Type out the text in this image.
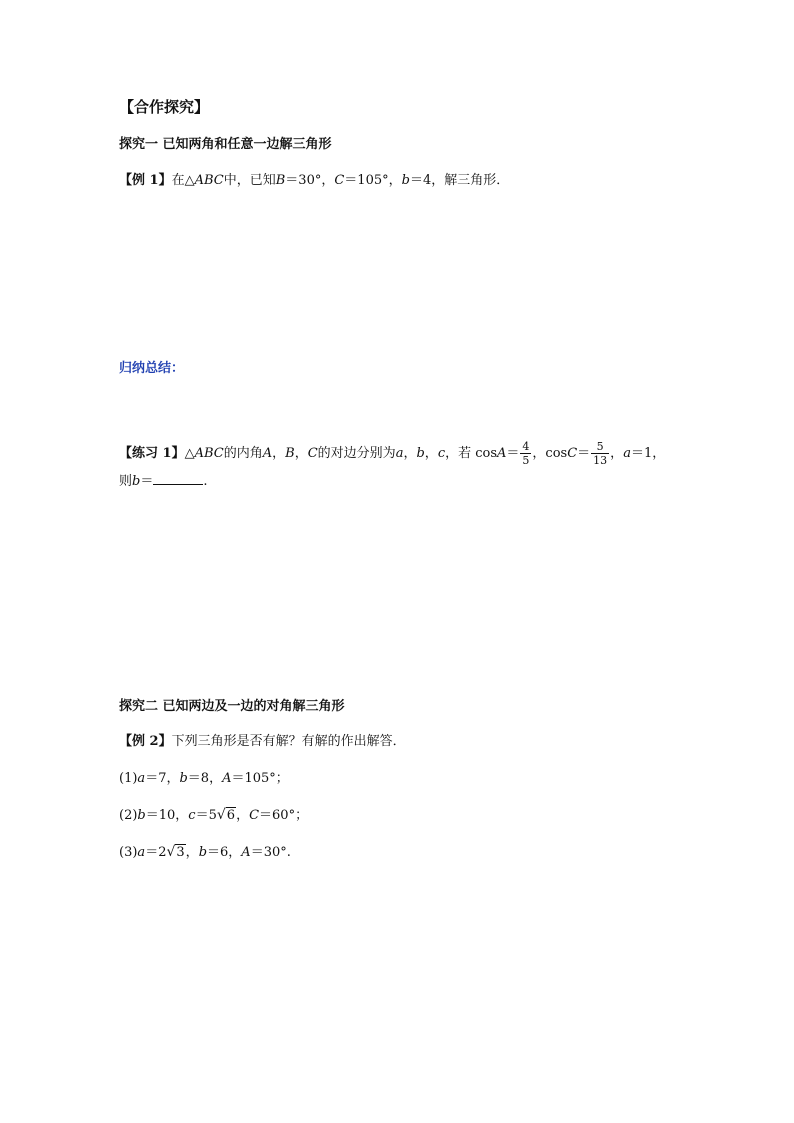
【合作探究】
探究一 已知两角和任意一边解三角形
【例 1】在△ABC中，已知B＝30°，C＝105°，b＝4，解三角形．
归纳总结：
【练习 1】△ABC的内角A，B，C的对边分别为a，b，c，若 $\cos A= \frac{4}{5}$ ，$\cos C= \frac{5}{13}$ ，a＝1，
则b＝	.
探究二 已知两边及一边的对角解三角形
【例 2】下列三角形是否有解？有解的作出解答．
(1)a＝7，b＝8，A＝105°；
(2)b＝10，c＝5√6，C＝60°；
(3)a＝2√3，b＝6，A＝30°.
